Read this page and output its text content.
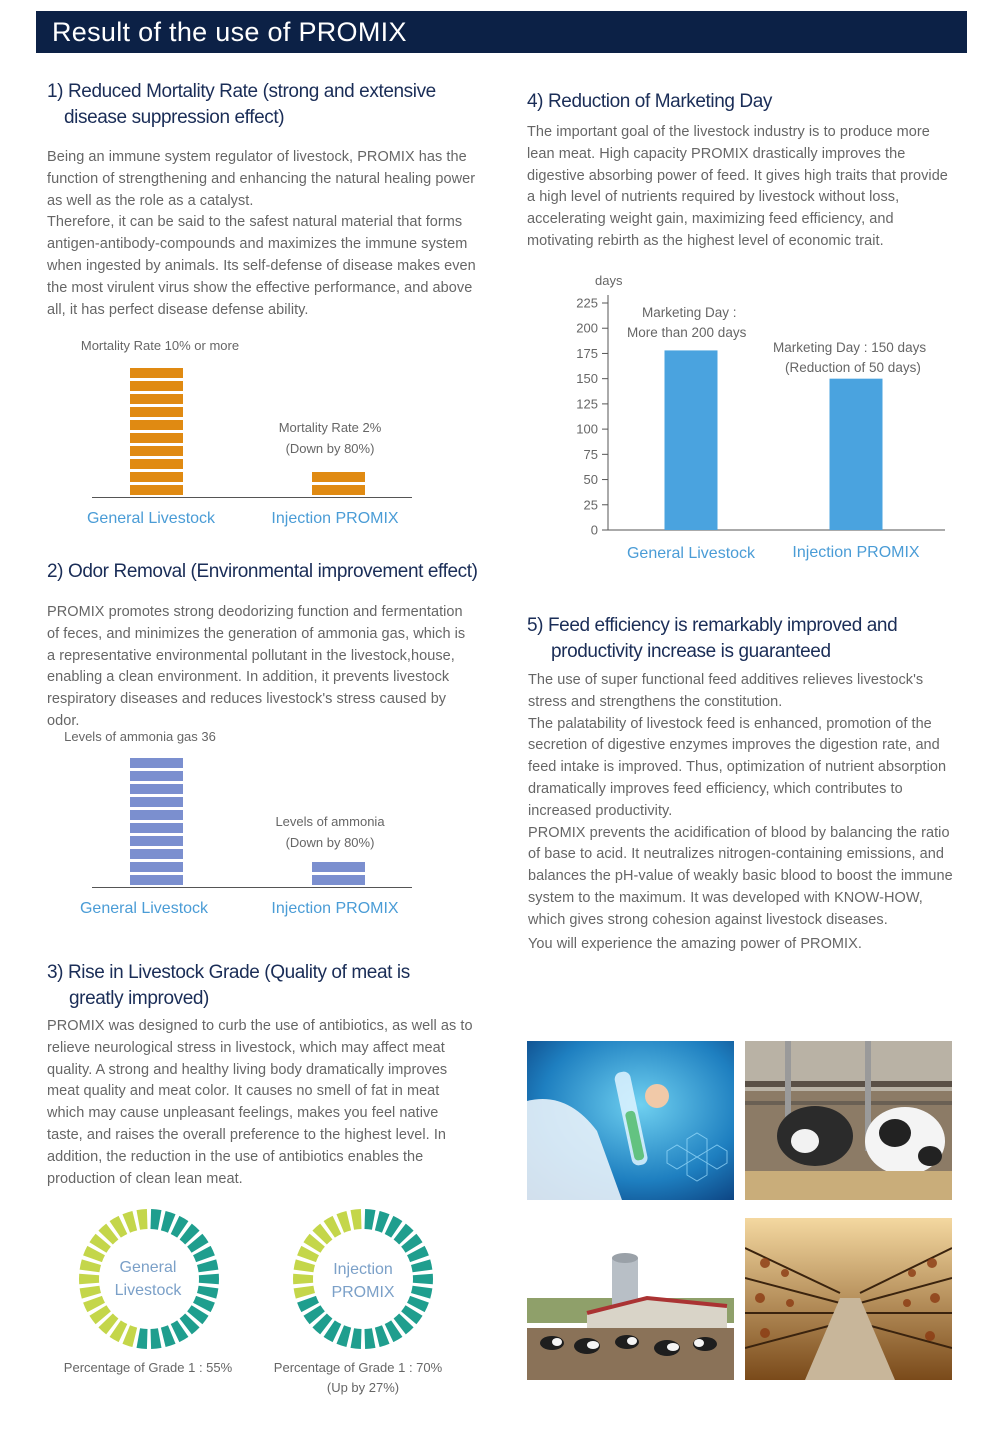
Result of the use of PROMIX
1) Reduced Mortality Rate (strong and extensive
disease suppression effect)

Being an immune system regulator of livestock, PROMIX has the function of strengthening and enhancing the natural healing power as well as the role as a catalyst.

Therefore, it can be said to the safest natural material that forms antigen-antibody-compounds and maximizes the immune system when ingested by animals. Its self-defense of disease makes even the most virulent virus show the effective performance, and above all, it has perfect disease defense ability.

Mortality Rate 10% or more
Mortality Rate 2%
(Down by 80%)
General Livestock	Injection PROMIX
2) Odor Removal (Environmental improvement effect)
PROMIX promotes strong deodorizing function and fermentation of feces, and minimizes the generation of ammonia gas, which is a representative environmental pollutant in the livestock,house, enabling a clean environment. In addition, it prevents livestock respiratory diseases and reduces livestock's stress caused by odor.
Levels of ammonia gas 36
Levels of ammonia
(Down by 80%)
General Livestock	Injection PROMIX
3) Rise in Livestock Grade (Quality of meat is
greatly improved)
PROMIX was designed to curb the use of antibiotics, as well as to relieve neurological stress in livestock, which may affect meat quality. A strong and healthy living body dramatically improves meat quality and meat color. It causes no smell of fat in meat which may cause unpleasant feelings, makes you feel native taste, and raises the overall preference to the highest level. In addition, the reduction in the use of antibiotics enables the production of clean lean meat.
General
Livestock
Percentage of Grade 1 : 55%
Injection
PROMIX
Percentage of Grade 1 : 70%
(Up by 27%)
4) Reduction of Marketing Day
The important goal of the livestock industry is to produce more lean meat. High capacity PROMIX drastically improves the digestive absorbing power of feed. It gives high traits that provide a high level of nutrients required by livestock without loss, accelerating weight gain, maximizing feed efficiency, and motivating rebirth as the highest level of economic trait.
days
0
25
50
75
100
125
150
175
200
225
Marketing Day :
More than 200 days
Marketing Day : 150 days
(Reduction of 50 days)
General Livestock Injection PROMIX
5) Feed efficiency is remarkably improved and
productivity increase is guaranteed

The use of super functional feed additives relieves livestock's stress and strengthens the constitution.

The palatability of livestock feed is enhanced, promotion of the secretion of digestive enzymes improves the digestion rate, and feed intake is improved. Thus, optimization of nutrient absorption dramatically improves feed efficiency, which contributes to increased productivity.

PROMIX prevents the acidification of blood by balancing the ratio of base to acid. It neutralizes nitrogen-containing emissions, and balances the pH-value of weakly basic blood to boost the immune system to the maximum. It was developed with KNOW-HOW, which gives strong cohesion against livestock diseases.

You will experience the amazing power of PROMIX.
